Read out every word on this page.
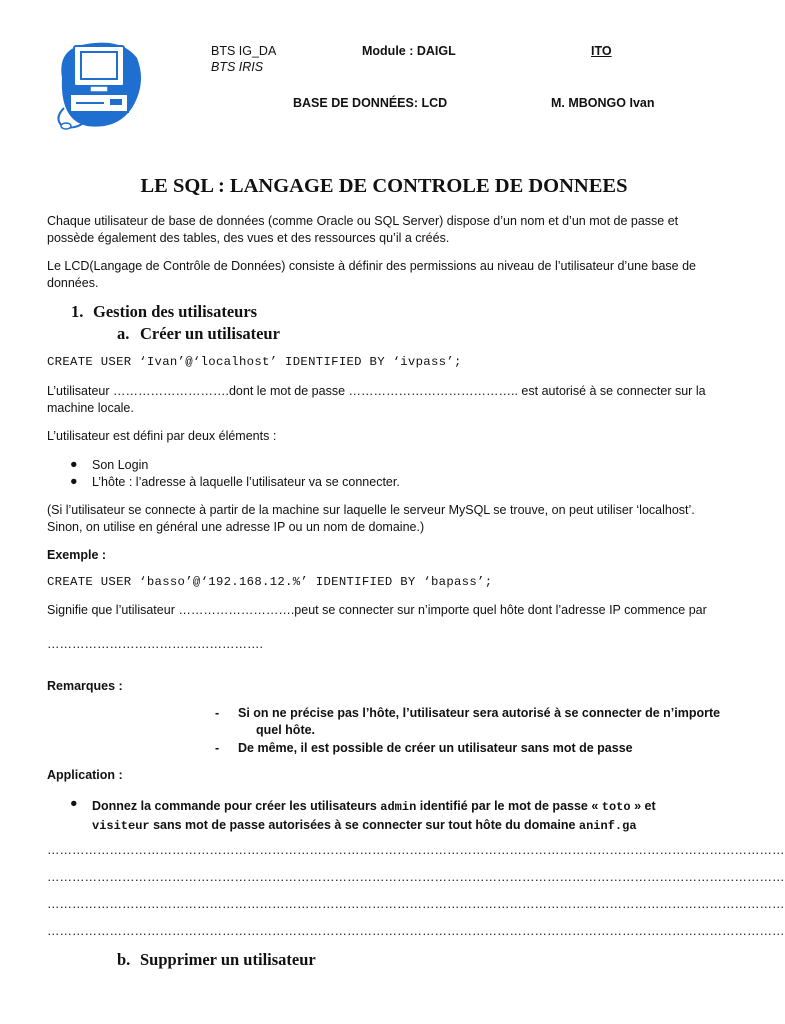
BTS IG_DA
BTS IRIS
Module : DAIGL	ITO
BASE DE DONNÉES: LCD	M. MBONGO Ivan
LE SQL : LANGAGE DE CONTROLE DE DONNEES

Chaque utilisateur de base de données (comme Oracle ou SQL Server) dispose d’un nom et d’un mot de passe et possède également des tables, des vues et des ressources qu’il a créés.

Le LCD(Langage de Contrôle de Données) consiste à définir des permissions au niveau de l’utilisateur d’une base de données.

1. Gestion des utilisateurs
a. Créer un utilisateur
CREATE USER ‘Ivan’@‘localhost’ IDENTIFIED BY ‘ivpass’;

L’utilisateur ……………………….dont le mot de passe ………………………………….. est autorisé à se connecter sur la machine locale.

L’utilisateur est défini par deux éléments :
● Son Login
● L’hôte : l’adresse à laquelle l’utilisateur va se connecter.

(Si l’utilisateur se connecte à partir de la machine sur laquelle le serveur MySQL se trouve, on peut utiliser ‘localhost’. Sinon, on utilise en général une adresse IP ou un nom de domaine.)

Exemple :
CREATE USER ‘basso’@‘192.168.12.%’ IDENTIFIED BY ‘bapass’;
Signifie que l’utilisateur ……………………….peut se connecter sur n’importe quel hôte dont l’adresse IP commence par
…………………………………………….
Remarques :
- Si on ne précise pas l’hôte, l’utilisateur sera autorisé à se connecter de n’importe
quel hôte.
- De même, il est possible de créer un utilisateur sans mot de passe
Application :
● Donnez la commande pour créer les utilisateurs admin identifié par le mot de passe « toto » et
visiteur sans mot de passe autorisées à se connecter sur tout hôte du domaine aninf.ga
……………………………………………………………………………………………………………………………………………………………
……………………………………………………………………………………………………………………………………………………………
……………………………………………………………………………………………………………………………………………………………
……………………………………………………………………………………………………………………………………………………………
b. Supprimer un utilisateur
